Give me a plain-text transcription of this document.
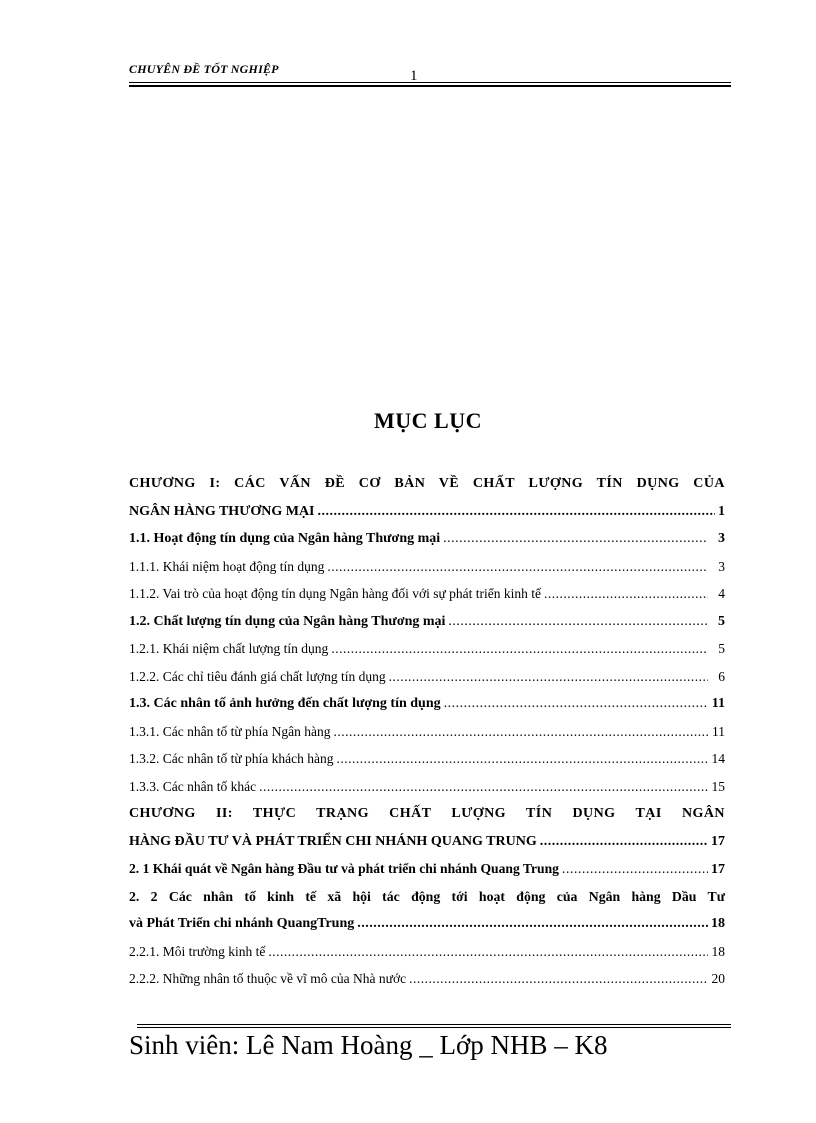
CHUYÊN ĐỀ TỐT NGHIỆP	1
MỤC LỤC
CHƯƠNG I: CÁC VẤN ĐỀ CƠ BẢN VỀ CHẤT LƯỢNG TÍN DỤNG CỦA
NGÂN HÀNG THƯƠNG MẠI .....	1
1.1. Hoạt động tín dụng của Ngân hàng Thương mại .....	3
1.1.1. Khái niệm hoạt động tín dụng .....	3
1.1.2. Vai trò của hoạt động tín dụng Ngân hàng đối với sự phát triển kinh tế .....	4
1.2. Chất lượng tín dụng của Ngân hàng Thương mại .....	5
1.2.1. Khái niệm chất lượng tín dụng .....	5
1.2.2. Các chỉ tiêu đánh giá chất lượng tín dụng .....	6
1.3. Các nhân tố ảnh hưởng đến chất lượng tín dụng .....	11
1.3.1. Các nhân tố từ phía Ngân hàng .....	11
1.3.2. Các nhân tố từ phía khách hàng .....	14
1.3.3. Các nhân tố khác .....	15
CHƯƠNG II: THỰC TRẠNG CHẤT LƯỢNG TÍN DỤNG TẠI NGÂN
HÀNG ĐẦU TƯ VÀ PHÁT TRIỂN CHI NHÁNH QUANG TRUNG .....	17
2. 1 Khái quát về Ngân hàng Đầu tư và phát triển chi nhánh Quang Trung .....	17
2. 2 Các nhân tố kinh tế xã hội tác động tới hoạt động của Ngân hàng Dầu Tư
và Phát Triển chi nhánh QuangTrung .....	18
2.2.1. Môi trường kinh tế .....	18
2.2.2. Những nhân tố thuộc về vĩ mô của Nhà nước .....	20
Sinh viên: Lê Nam Hoàng _ Lớp NHB – K8
